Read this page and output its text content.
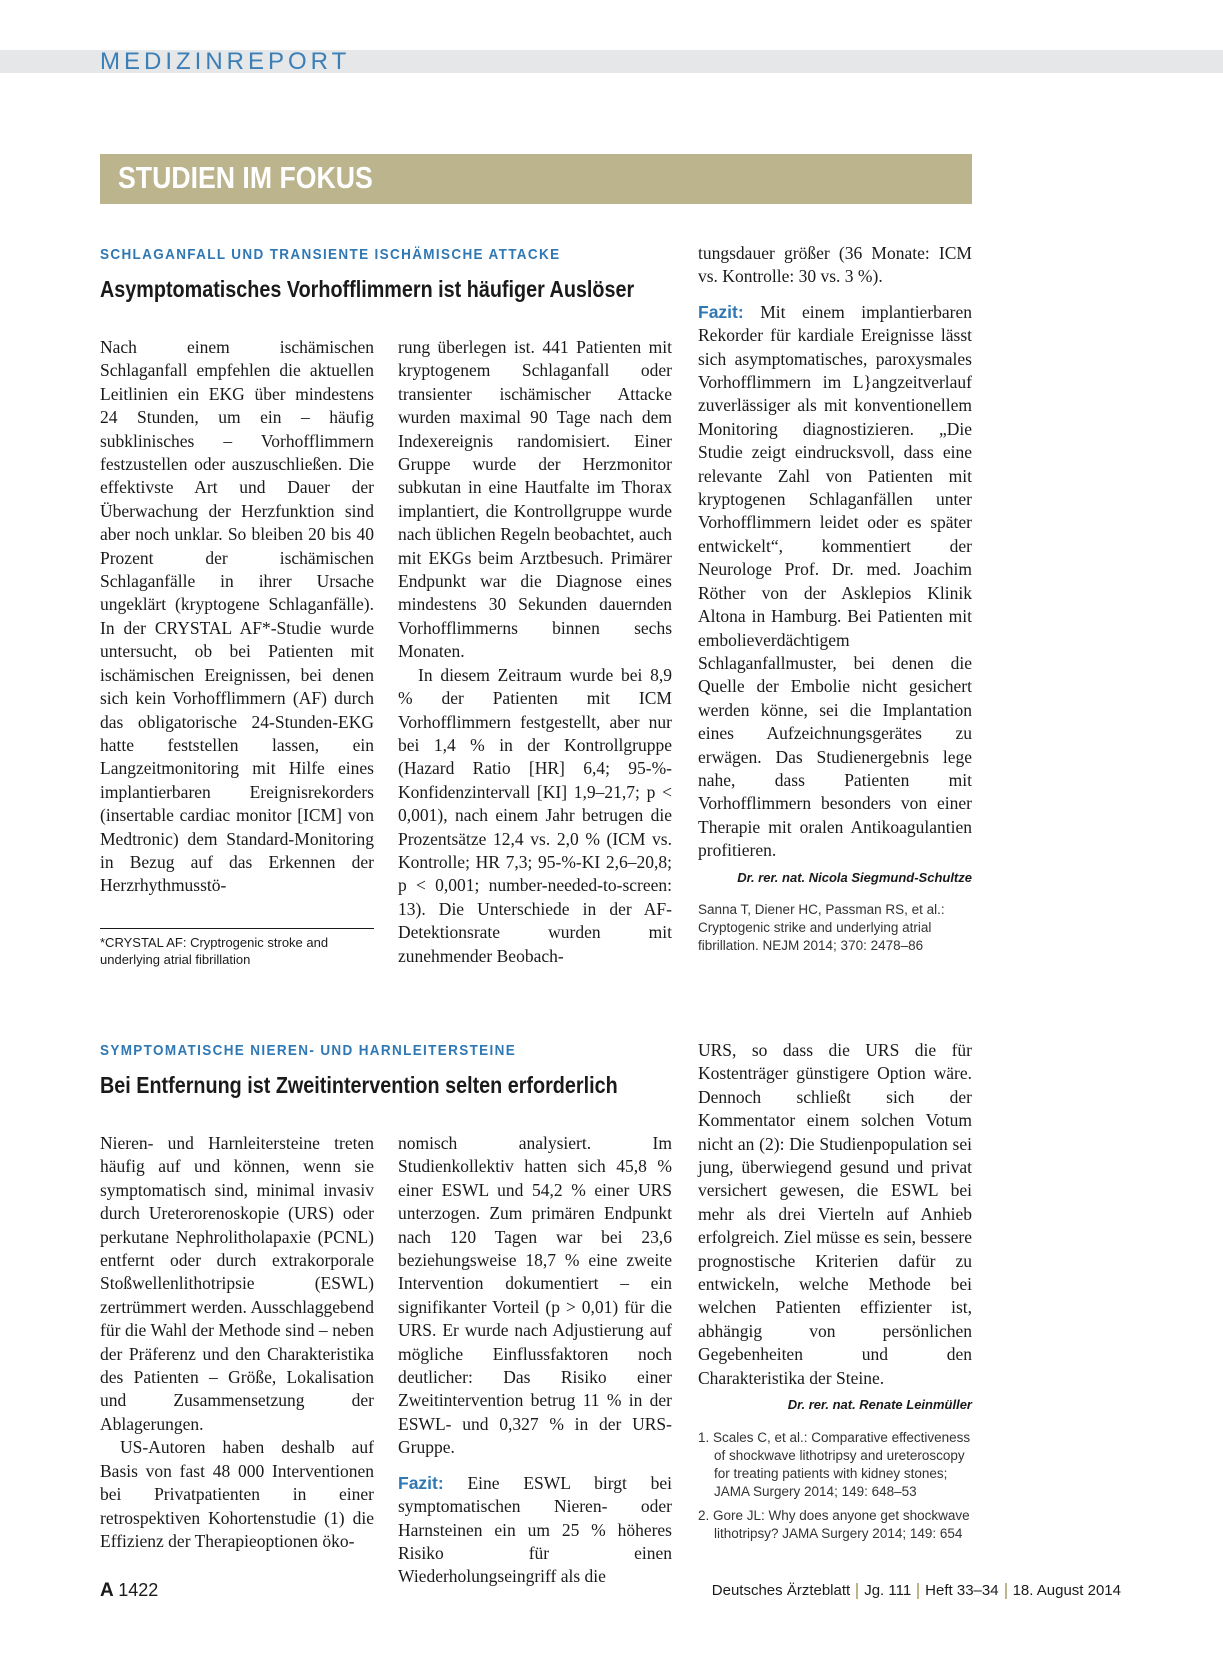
MEDIZINREPORT
STUDIEN IM FOKUS
SCHLAGANFALL UND TRANSIENTE ISCHÄMISCHE ATTACKE
Asymptomatisches Vorhofflimmern ist häufiger Auslöser

Nach einem ischämischen Schlaganfall empfehlen die aktuellen Leitlinien ein EKG über mindestens 24 Stunden, um ein – häufig subklinisches – Vorhofflimmern festzustellen oder auszuschließen. Die effektivste Art und Dauer der Überwachung der Herzfunktion sind aber noch unklar. So bleiben 20 bis 40 Prozent der ischämischen Schlaganfälle in ihrer Ursache ungeklärt (kryptogene Schlaganfälle). In der CRYSTAL AF*-Studie wurde untersucht, ob bei Patienten mit ischämischen Ereignissen, bei denen sich kein Vorhofflimmern (AF) durch das obligatorische 24-Stunden-EKG hatte feststellen lassen, ein Langzeitmonitoring mit Hilfe eines implantierbaren Ereignisrekorders (insertable cardiac monitor [ICM] von Medtronic) dem Standard-Monitoring in Bezug auf das Erkennen der Herzrhythmusstö-

*CRYSTAL AF: Cryptrogenic stroke and underlying atrial fibrillation

rung überlegen ist. 441 Patienten mit kryptogenem Schlaganfall oder transienter ischämischer Attacke wurden maximal 90 Tage nach dem Indexereignis randomisiert. Einer Gruppe wurde der Herzmonitor subkutan in eine Hautfalte im Thorax implantiert, die Kontrollgruppe wurde nach üblichen Regeln beobachtet, auch mit EKGs beim Arztbesuch. Primärer Endpunkt war die Diagnose eines mindestens 30 Sekunden dauernden Vorhofflimmerns binnen sechs Monaten.

In diesem Zeitraum wurde bei 8,9 % der Patienten mit ICM Vorhofflimmern festgestellt, aber nur bei 1,4 % in der Kontrollgruppe (Hazard Ratio [HR] 6,4; 95-%-Konfidenzintervall [KI] 1,9–21,7; p < 0,001), nach einem Jahr betrugen die Prozentsätze 12,4 vs. 2,0 % (ICM vs. Kontrolle; HR 7,3; 95-%-KI 2,6–20,8; p < 0,001; number-needed-to-screen: 13). Die Unterschiede in der AF-Detektionsrate wurden mit zunehmender Beobach-

tungsdauer größer (36 Monate: ICM vs. Kontrolle: 30 vs. 3 %).

Fazit: Mit einem implantierbaren Rekorder für kardiale Ereignisse lässt sich asymptomatisches, paroxysmales Vorhofflimmern im L}angzeitverlauf zuverlässiger als mit konventionellem Monitoring diagnostizieren. „Die Studie zeigt eindrucksvoll, dass eine relevante Zahl von Patienten mit kryptogenen Schlaganfällen unter Vorhofflimmern leidet oder es später entwickelt“, kommentiert der Neurologe Prof. Dr. med. Joachim Röther von der Asklepios Klinik Altona in Hamburg. Bei Patienten mit embolieverdächtigem Schlaganfallmuster, bei denen die Quelle der Embolie nicht gesichert werden könne, sei die Implantation eines Aufzeichnungsgerätes zu erwägen. Das Studienergebnis lege nahe, dass Patienten mit Vorhofflimmern besonders von einer Therapie mit oralen Antikoagulantien profitieren.

Dr. rer. nat. Nicola Siegmund-Schultze

Sanna T, Diener HC, Passman RS, et al.: Cryptogenic strike and underlying atrial fibrillation. NEJM 2014; 370: 2478–86

SYMPTOMATISCHE NIEREN- UND HARNLEITERSTEINE
Bei Entfernung ist Zweitintervention selten erforderlich

Nieren- und Harnleitersteine treten häufig auf und können, wenn sie symptomatisch sind, minimal invasiv durch Ureterorenoskopie (URS) oder perkutane Nephrolitholapaxie (PCNL) entfernt oder durch extrakorporale Stoßwellenlithotripsie (ESWL) zertrümmert werden. Ausschlaggebend für die Wahl der Methode sind – neben der Präferenz und den Charakteristika des Patienten – Größe, Lokalisation und Zusammensetzung der Ablagerungen.

US-Autoren haben deshalb auf Basis von fast 48 000 Interventionen bei Privatpatienten in einer retrospektiven Kohortenstudie (1) die Effizienz der Therapieoptionen öko-

nomisch analysiert. Im Studienkollektiv hatten sich 45,8 % einer ESWL und 54,2 % einer URS unterzogen. Zum primären Endpunkt nach 120 Tagen war bei 23,6 beziehungsweise 18,7 % eine zweite Intervention dokumentiert – ein signifikanter Vorteil (p > 0,01) für die URS. Er wurde nach Adjustierung auf mögliche Einflussfaktoren noch deutlicher: Das Risiko einer Zweitintervention betrug 11 % in der ESWL- und 0,327 % in der URS-Gruppe.

Fazit: Eine ESWL birgt bei symptomatischen Nieren- oder Harnsteinen ein um 25 % höheres Risiko für einen Wiederholungseingriff als die

URS, so dass die URS die für Kostenträger günstigere Option wäre. Dennoch schließt sich der Kommentator einem solchen Votum nicht an (2): Die Studienpopulation sei jung, überwiegend gesund und privat versichert gewesen, die ESWL bei mehr als drei Vierteln auf Anhieb erfolgreich. Ziel müsse es sein, bessere prognostische Kriterien dafür zu entwickeln, welche Methode bei welchen Patienten effizienter ist, abhängig von persönlichen Gegebenheiten und den Charakteristika der Steine.

Dr. rer. nat. Renate Leinmüller

1. Scales C, et al.: Comparative effectiveness of shockwave lithotripsy and ureteroscopy for treating patients with kidney stones; JAMA Surgery 2014; 149: 648–53
2. Gore JL: Why does anyone get shockwave lithotripsy? JAMA Surgery 2014; 149: 654
A 1422	Deutsches Ärzteblatt Jg. 111 Heft 33–34 18. August 2014
